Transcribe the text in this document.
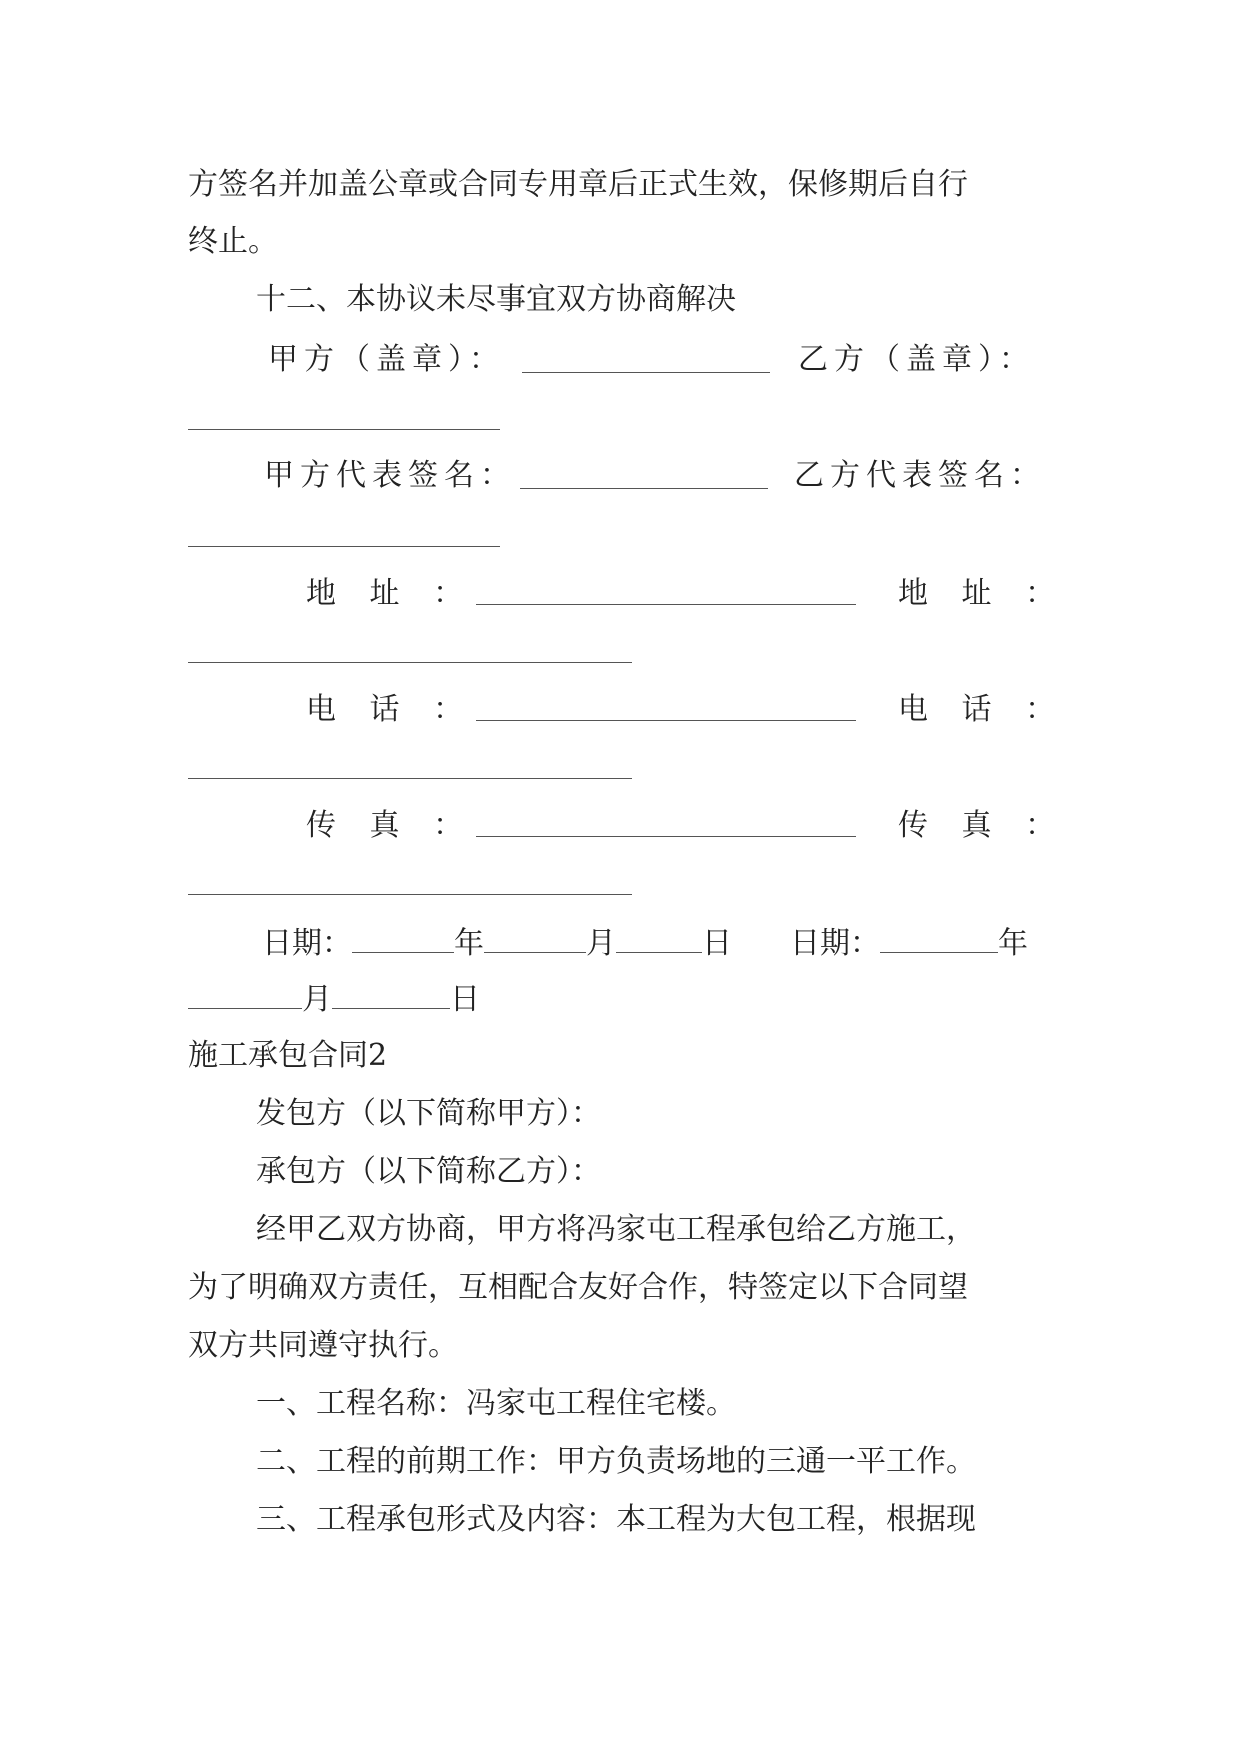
方签名并加盖公章或合同专用章后正式生效，保修期后自行
终止。
十二、本协议未尽事宜双方协商解决
甲方（盖章）：	乙方（盖章）：
甲方代表签名：	乙方代表签名：
地 址 ：	地 址 ：
电 话 ：	电 话 ：
传 真 ：	传 真 ：
日期：	年	月	日 日期：	年
月	日
施工承包合同2
发包方（以下简称甲方）：
承包方（以下简称乙方）：
经甲乙双方协商，甲方将冯家屯工程承包给乙方施工，
为了明确双方责任，互相配合友好合作，特签定以下合同望
双方共同遵守执行。
一、工程名称：冯家屯工程住宅楼。
二、工程的前期工作：甲方负责场地的三通一平工作。
三、工程承包形式及内容：本工程为大包工程，根据现
